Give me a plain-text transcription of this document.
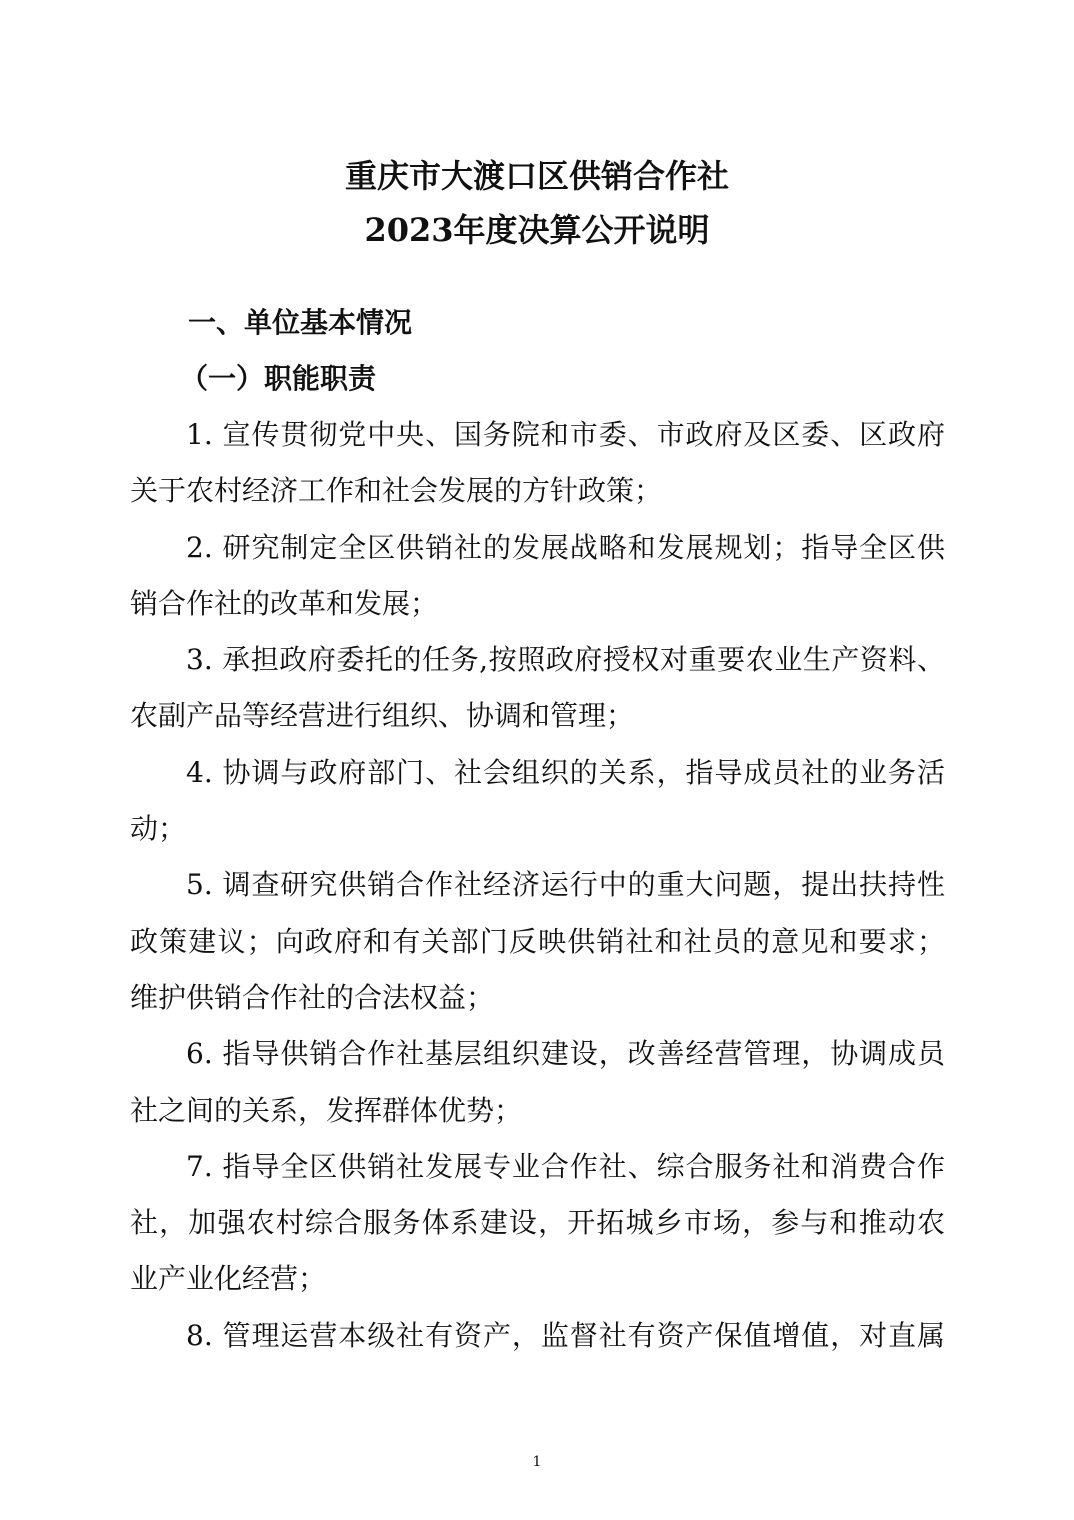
重庆市大渡口区供销合作社
2023年度决算公开说明
一、单位基本情况
（一）职能职责
1. 宣传贯彻党中央、国务院和市委、市政府及区委、区政府
关于农村经济工作和社会发展的方针政策；
2. 研究制定全区供销社的发展战略和发展规划；指导全区供
销合作社的改革和发展；
3. 承担政府委托的任务,按照政府授权对重要农业生产资料、
农副产品等经营进行组织、协调和管理；
4. 协调与政府部门、社会组织的关系，指导成员社的业务活
动；
5. 调查研究供销合作社经济运行中的重大问题，提出扶持性
政策建议；向政府和有关部门反映供销社和社员的意见和要求；
维护供销合作社的合法权益；
6. 指导供销合作社基层组织建设，改善经营管理，协调成员
社之间的关系，发挥群体优势；
7. 指导全区供销社发展专业合作社、综合服务社和消费合作
社，加强农村综合服务体系建设，开拓城乡市场，参与和推动农
业产业化经营；
8. 管理运营本级社有资产，监督社有资产保值增值，对直属
1
